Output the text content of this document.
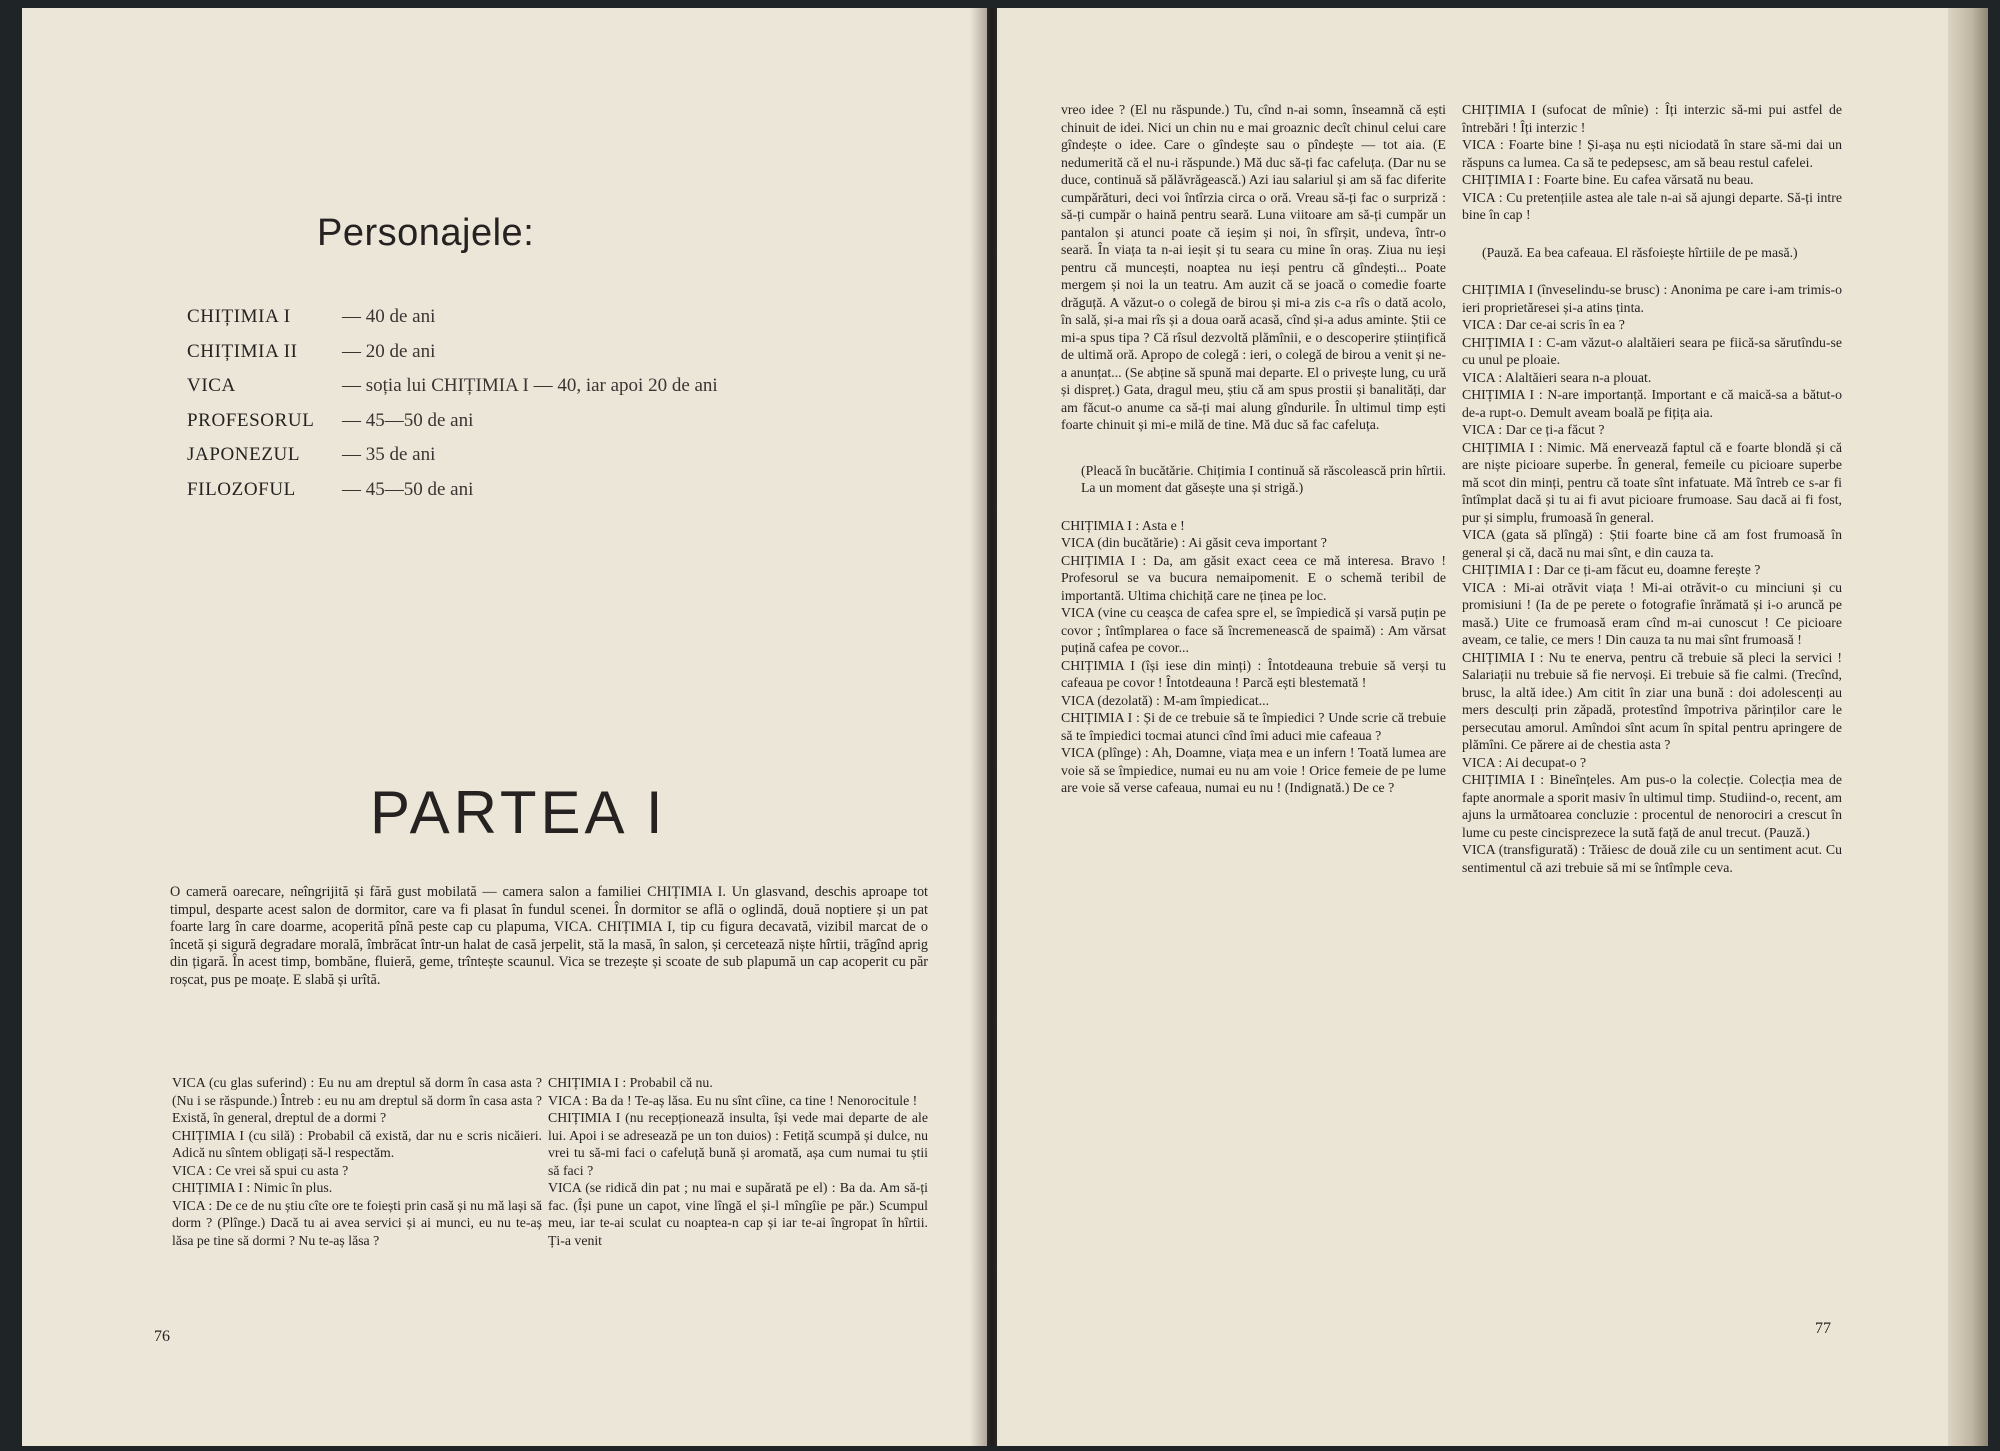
Personajele:
CHIȚIMIA I	— 40 de ani
CHIȚIMIA II	— 20 de ani
VICA	— soția lui CHIȚIMIA I — 40, iar apoi 20 de ani
PROFESORUL	— 45—50 de ani
JAPONEZUL	— 35 de ani
FILOZOFUL	— 45—50 de ani
PARTEA I

O cameră oarecare, neîngrijită și fără gust mobilată — camera salon a familiei CHIȚIMIA I. Un glasvand, deschis aproape tot timpul, desparte acest salon de dormitor, care va fi plasat în fundul scenei. În dormitor se află o oglindă, două noptiere și un pat foarte larg în care doarme, acoperită pînă peste cap cu plapuma, VICA. CHIȚIMIA I, tip cu figura decavată, vizibil marcat de o încetă și sigură degradare morală, îmbrăcat într-un halat de casă jerpelit, stă la masă, în salon, și cercetează niște hîrtii, trăgînd aprig din țigară. În acest timp, bombăne, fluieră, geme, trîntește scaunul. Vica se trezește și scoate de sub plapumă un cap acoperit cu păr roșcat, pus pe moațe. E slabă și urîtă.

VICA (cu glas suferind) : Eu nu am dreptul să dorm în casa asta ? (Nu i se răspunde.) Întreb : eu nu am dreptul să dorm în casa asta ? Există, în general, dreptul de a dormi ?

CHIȚIMIA I (cu silă) : Probabil că există, dar nu e scris nicăieri. Adică nu sîntem obligați să-l respectăm.

VICA : Ce vrei să spui cu asta ?

CHIȚIMIA I : Nimic în plus.

VICA : De ce de nu știu cîte ore te foiești prin casă și nu mă lași să dorm ? (Plînge.) Dacă tu ai avea servici și ai munci, eu nu te-aș lăsa pe tine să dormi ? Nu te-aș lăsa ?

CHIȚIMIA I : Probabil că nu.

VICA : Ba da ! Te-aș lăsa. Eu nu sînt cîine, ca tine ! Nenorocitule !

CHIȚIMIA I (nu recepționează insulta, își vede mai departe de ale lui. Apoi i se adresează pe un ton duios) : Fetiță scumpă și dulce, nu vrei tu să-mi faci o cafeluță bună și aromată, așa cum numai tu știi să faci ?

VICA (se ridică din pat ; nu mai e supărată pe el) : Ba da. Am să-ți fac. (Își pune un capot, vine lîngă el și-l mîngîie pe păr.) Scumpul meu, iar te-ai sculat cu noaptea-n cap și iar te-ai îngropat în hîrtii. Ți-a venit

76

vreo idee ? (El nu răspunde.) Tu, cînd n-ai somn, înseamnă că ești chinuit de idei. Nici un chin nu e mai groaznic decît chinul celui care gîndește o idee. Care o gîndește sau o pîndește — tot aia. (E nedumerită că el nu-i răspunde.) Mă duc să-ți fac cafeluța. (Dar nu se duce, continuă să pălăvrăgească.) Azi iau salariul și am să fac diferite cumpărături, deci voi întîrzia circa o oră. Vreau să-ți fac o surpriză : să-ți cumpăr o haină pentru seară. Luna viitoare am să-ți cumpăr un pantalon și atunci poate că ieșim și noi, în sfîrșit, undeva, într-o seară. În viața ta n-ai ieșit și tu seara cu mine în oraș. Ziua nu ieși pentru că muncești, noaptea nu ieși pentru că gîndești... Poate mergem și noi la un teatru. Am auzit că se joacă o comedie foarte drăguță. A văzut-o o colegă de birou și mi-a zis c-a rîs o dată acolo, în sală, și-a mai rîs și a doua oară acasă, cînd și-a adus aminte. Știi ce mi-a spus tipa ? Că rîsul dezvoltă plămînii, e o descoperire științifică de ultimă oră. Apropo de colegă : ieri, o colegă de birou a venit și ne-a anunțat... (Se abține să spună mai departe. El o privește lung, cu ură și dispreț.) Gata, dragul meu, știu că am spus prostii și banalități, dar am făcut-o anume ca să-ți mai alung gîndurile. În ultimul timp ești foarte chinuit și mi-e milă de tine. Mă duc să fac cafeluța.

(Pleacă în bucătărie. Chițimia I continuă să răscolească prin hîrtii. La un moment dat găsește una și strigă.)

CHIȚIMIA I : Asta e !

VICA (din bucătărie) : Ai găsit ceva important ?

CHIȚIMIA I : Da, am găsit exact ceea ce mă interesa. Bravo ! Profesorul se va bucura nemaipomenit. E o schemă teribil de importantă. Ultima chichiță care ne ținea pe loc.

VICA (vine cu ceașca de cafea spre el, se împiedică și varsă puțin pe covor ; întîmplarea o face să încremenească de spaimă) : Am vărsat puțină cafea pe covor...

CHIȚIMIA I (își iese din minți) : Întotdeauna trebuie să verși tu cafeaua pe covor ! Întotdeauna ! Parcă ești blestemată !

VICA (dezolată) : M-am împiedicat...

CHIȚIMIA I : Și de ce trebuie să te împiedici ? Unde scrie că trebuie să te împiedici tocmai atunci cînd îmi aduci mie cafeaua ?

VICA (plînge) : Ah, Doamne, viața mea e un infern ! Toată lumea are voie să se împiedice, numai eu nu am voie ! Orice femeie de pe lume are voie să verse cafeaua, numai eu nu ! (Indignată.) De ce ?

CHIȚIMIA I (sufocat de mînie) : Îți interzic să-mi pui astfel de întrebări ! Îți interzic !

VICA : Foarte bine ! Și-așa nu ești niciodată în stare să-mi dai un răspuns ca lumea. Ca să te pedepsesc, am să beau restul cafelei.

CHIȚIMIA I : Foarte bine. Eu cafea vărsată nu beau.

VICA : Cu pretențiile astea ale tale n-ai să ajungi departe. Să-ți intre bine în cap !

(Pauză. Ea bea cafeaua. El răsfoiește hîrtiile de pe masă.)

CHIȚIMIA I (înveselindu-se brusc) : Anonima pe care i-am trimis-o ieri proprietăresei și-a atins ținta.

VICA : Dar ce-ai scris în ea ?

CHIȚIMIA I : C-am văzut-o alaltăieri seara pe fiică-sa sărutîndu-se cu unul pe ploaie.

VICA : Alaltăieri seara n-a plouat.

CHIȚIMIA I : N-are importanță. Important e că maică-sa a bătut-o de-a rupt-o. Demult aveam boală pe fițița aia.

VICA : Dar ce ți-a făcut ?

CHIȚIMIA I : Nimic. Mă enervează faptul că e foarte blondă și că are niște picioare superbe. În general, femeile cu picioare superbe mă scot din minți, pentru că toate sînt infatuate. Mă întreb ce s-ar fi întîmplat dacă și tu ai fi avut picioare frumoase. Sau dacă ai fi fost, pur și simplu, frumoasă în general.

VICA (gata să plîngă) : Știi foarte bine că am fost frumoasă în general și că, dacă nu mai sînt, e din cauza ta.

CHIȚIMIA I : Dar ce ți-am făcut eu, doamne ferește ?

VICA : Mi-ai otrăvit viața ! Mi-ai otrăvit-o cu minciuni și cu promisiuni ! (Ia de pe perete o fotografie înrămată și i-o aruncă pe masă.) Uite ce frumoasă eram cînd m-ai cunoscut ! Ce picioare aveam, ce talie, ce mers ! Din cauza ta nu mai sînt frumoasă !

CHIȚIMIA I : Nu te enerva, pentru că trebuie să pleci la servici ! Salariații nu trebuie să fie nervoși. Ei trebuie să fie calmi. (Trecînd, brusc, la altă idee.) Am citit în ziar una bună : doi adolescenți au mers desculți prin zăpadă, protestînd împotriva părinților care le persecutau amorul. Amîndoi sînt acum în spital pentru apringere de plămîni. Ce părere ai de chestia asta ?

VICA : Ai decupat-o ?

CHIȚIMIA I : Bineînțeles. Am pus-o la colecție. Colecția mea de fapte anormale a sporit masiv în ultimul timp. Studiind-o, recent, am ajuns la următoarea concluzie : procentul de nenorociri a crescut în lume cu peste cincisprezece la sută față de anul trecut. (Pauză.)

VICA (transfigurată) : Trăiesc de două zile cu un sentiment acut. Cu sentimentul că azi trebuie să mi se întîmple ceva.

77
